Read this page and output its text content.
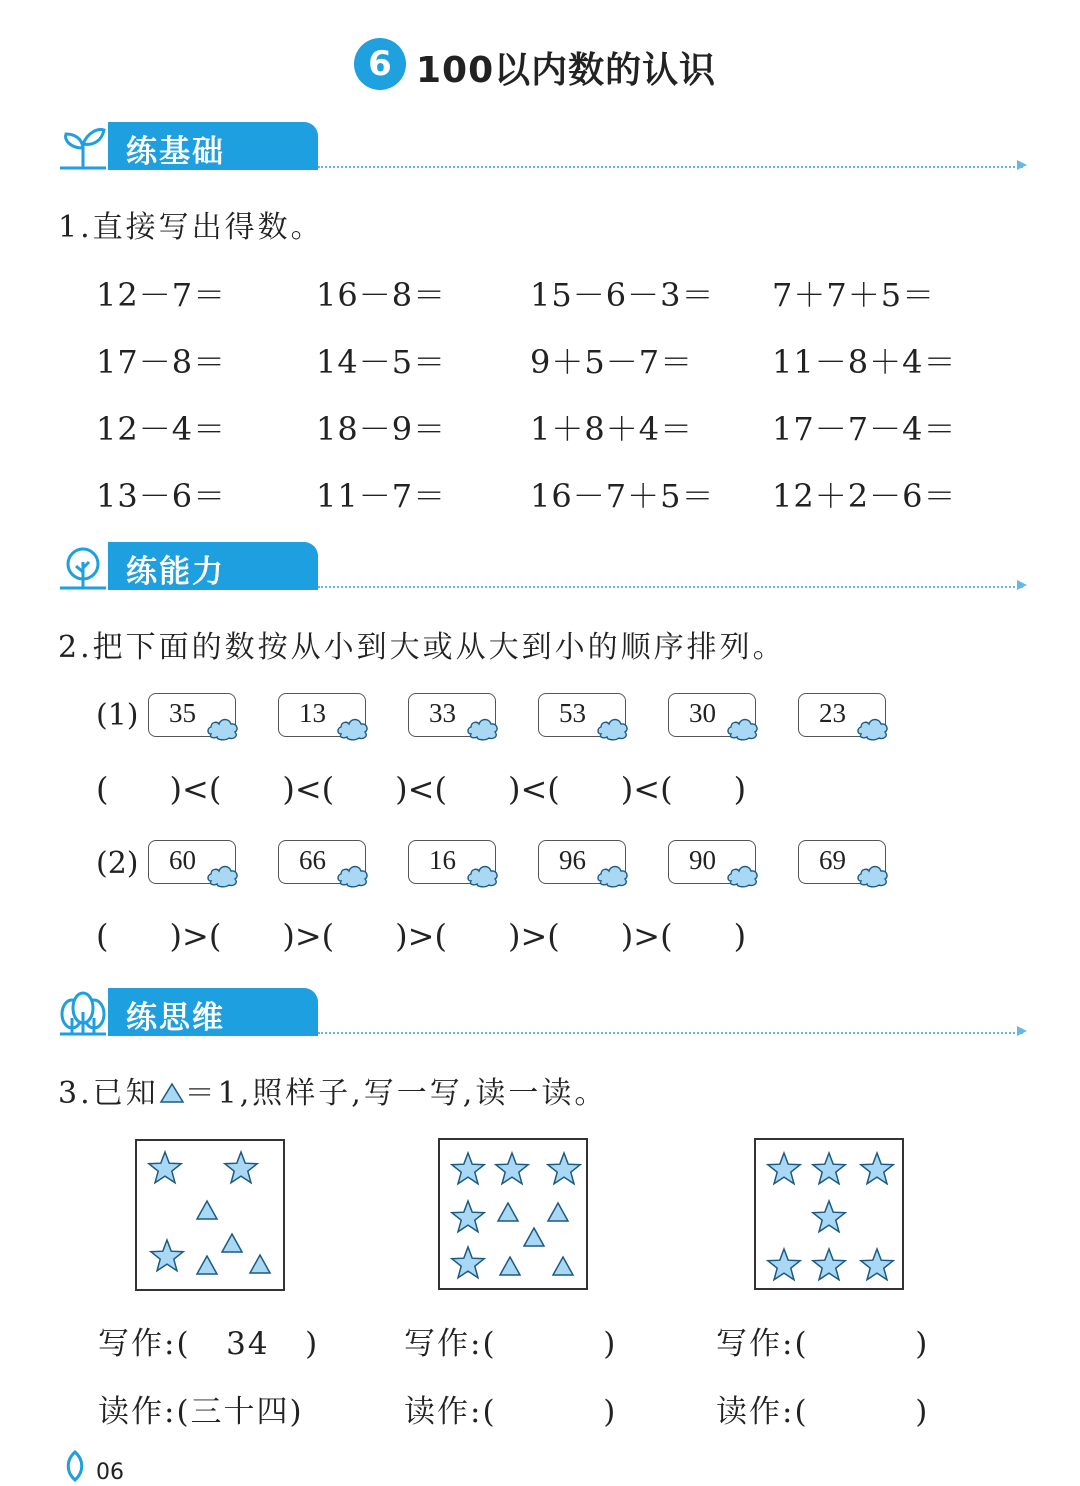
6 100以内数的认识
练基础
1.直接写出得数。
12－7＝	16－8＝	15－6－3＝ 7＋7＋5＝
17－8＝	14－5＝	9＋5－7＝ 11－8＋4＝
12－4＝	18－9＝	1＋8＋4＝ 17－7－4＝
13－6＝	11－7＝	16－7＋5＝ 12＋2－6＝
练能力
2.把下面的数按从小到大或从大到小的顺序排列。
(1) 35	13	33	53	30	23
(      )<(      )<(      )<(      )<(      )<(      )
(2) 60	66	16	96	90	69
(      )>(      )>(      )>(      )>(      )>(      )
练思维
3.已知 ＝1,照样子,写一写,读一读。
写作:(   34   )
读作:(三十四)
写作:(         )
读作:(         )
写作:(         )
读作:(         )
06
